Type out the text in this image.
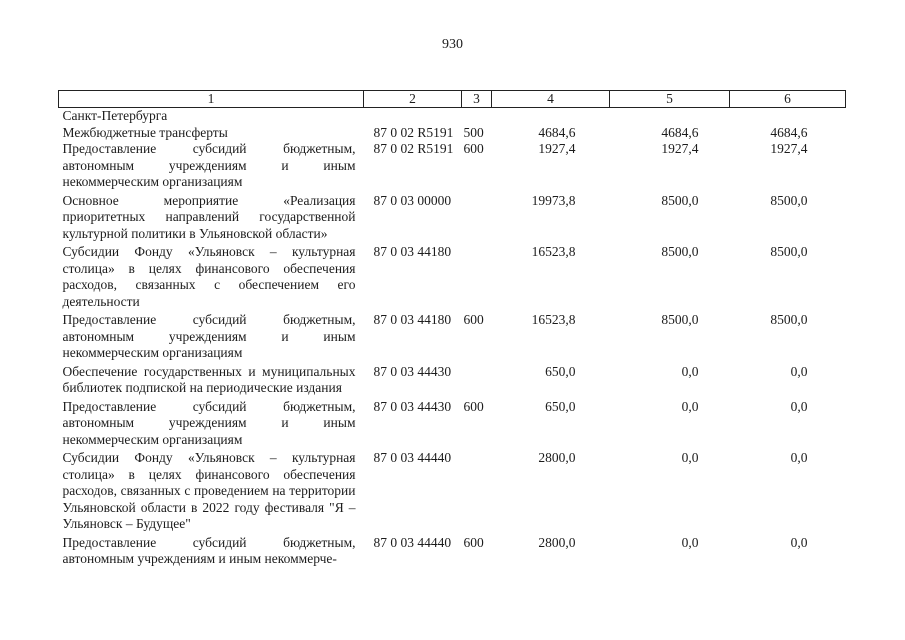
930
1	2	3	4	5	6
Санкт-Петербурга					
Межбюджетные трансферты	87 0 02 R5191	500	4684,6	4684,6	4684,6
Предоставление субсидий бюджетным, автономным учреждениям и иным некоммерческим организациям	87 0 02 R5191	600	1927,4	1927,4	1927,4
Основное мероприятие «Реализация приоритетных направлений государственной культурной политики в Ульяновской области»	87 0 03 00000		19973,8	8500,0	8500,0
Субсидии Фонду «Ульяновск – культурная столица» в целях финансового обеспечения расходов, связанных с обеспечением его деятельности	87 0 03 44180		16523,8	8500,0	8500,0
Предоставление субсидий бюджетным, автономным учреждениям и иным некоммерческим организациям	87 0 03 44180	600	16523,8	8500,0	8500,0
Обеспечение государственных и муниципальных библиотек подпиской на периодические издания	87 0 03 44430		650,0	0,0	0,0
Предоставление субсидий бюджетным, автономным учреждениям и иным некоммерческим организациям	87 0 03 44430	600	650,0	0,0	0,0
Субсидии Фонду «Ульяновск – культурная столица» в целях финансового обеспечения расходов, связанных с проведением на территории Ульяновской области в 2022 году фестиваля "Я – Ульяновск – Будущее"	87 0 03 44440		2800,0	0,0	0,0
Предоставление субсидий бюджетным, автономным учреждениям и иным некоммерче-	87 0 03 44440	600	2800,0	0,0	0,0
